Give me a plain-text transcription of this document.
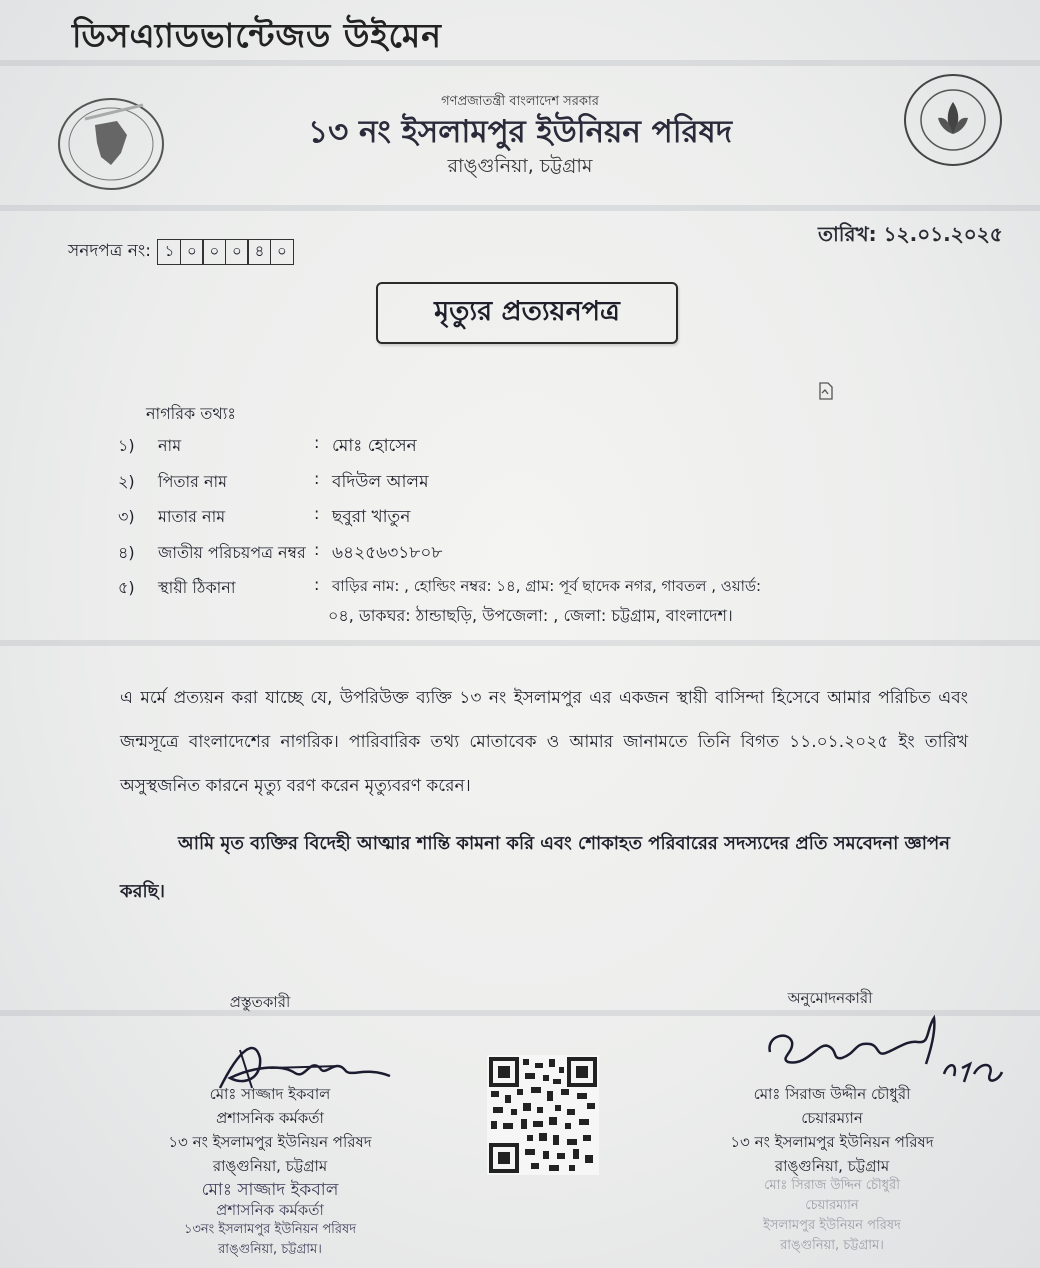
ডিসএ্যাডভান্টেজড উইমেন
গণপ্রজাতন্ত্রী বাংলাদেশ সরকার
১৩ নং ইসলামপুর ইউনিয়ন পরিষদ
রাঙ্গুনিয়া, চট্টগ্রাম
তারিখ: ১২.০১.২০২৫
সনদপত্র নং: ১ ০ ০ ০ ৪ ০
মৃত্যুর প্রত্যয়নপত্র
নাগরিক তথ্যঃ
১) নাম	: মোঃ হোসেন
২) পিতার নাম	: বদিউল আলম
৩) মাতার নাম	: ছবুরা খাতুন
৪) জাতীয় পরিচয়পত্র নম্বর : ৬৪২৫৬৩১৮০৮
৫) স্থায়ী ঠিকানা	: বাড়ির নাম: , হোল্ডিং নম্বর: ১৪, গ্রাম: পূর্ব ছাদেক নগর, গাবতল , ওয়ার্ড:
০৪, ডাকঘর: ঠান্ডাছড়ি, উপজেলা: , জেলা: চট্টগ্রাম, বাংলাদেশ।
এ মর্মে প্রত্যয়ন করা যাচ্ছে যে, উপরিউক্ত ব্যক্তি ১৩ নং ইসলামপুর এর একজন স্থায়ী বাসিন্দা হিসেবে আমার পরিচিত এবং জন্মসূত্রে বাংলাদেশের নাগরিক। পারিবারিক তথ্য মোতাবেক ও আমার জানামতে তিনি বিগত ১১.০১.২০২৫ ইং তারিখ অসুস্থজনিত কারনে মৃত্যু বরণ করেন মৃত্যুবরণ করেন।
আমি মৃত ব্যক্তির বিদেহী আত্মার শান্তি কামনা করি এবং শোকাহত পরিবারের সদস্যদের প্রতি সমবেদনা জ্ঞাপন করছি।
প্রস্তুতকারী
মোঃ সাজ্জাদ ইকবাল
প্রশাসনিক কর্মকর্তা
১৩ নং ইসলামপুর ইউনিয়ন পরিষদ
রাঙ্গুনিয়া, চট্টগ্রাম
মোঃ সাজ্জাদ ইকবাল
প্রশাসনিক কর্মকর্তা
১৩নং ইসলামপুর ইউনিয়ন পরিষদ
রাঙ্গুনিয়া, চট্টগ্রাম।
অনুমোদনকারী
মোঃ সিরাজ উদ্দীন চৌধুরী
চেয়ারম্যান
১৩ নং ইসলামপুর ইউনিয়ন পরিষদ
রাঙ্গুনিয়া, চট্টগ্রাম
মোঃ সিরাজ উদ্দিন চৌধুরী
চেয়ারম্যান
ইসলামপুর ইউনিয়ন পরিষদ
রাঙ্গুনিয়া, চট্টগ্রাম।
